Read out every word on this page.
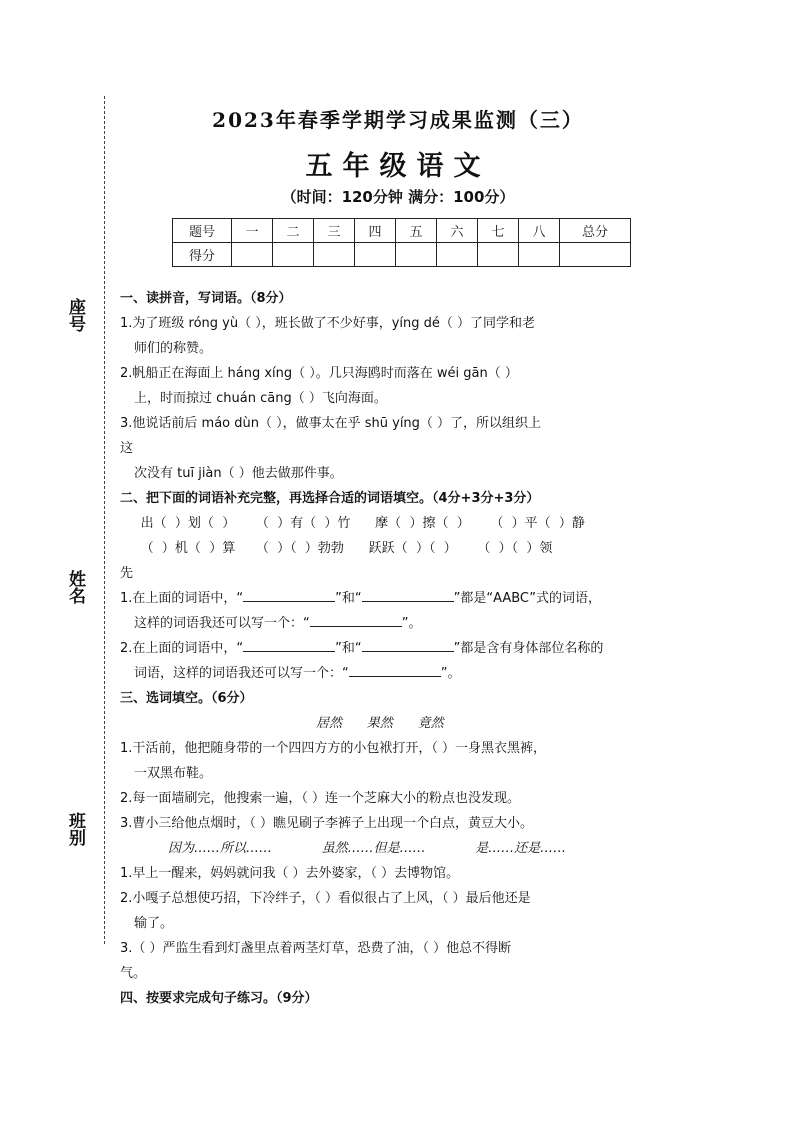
座号
姓名
班别
2023年春季学期学习成果监测（三）
五年级语文
（时间：120分钟 满分：100分）
题号	一	二	三	四	五	六	七	八	总分
得分									
一、读拼音，写词语。（8分）
1.为了班级 róng yù（ ），班长做了不少好事，yíng dé（ ）了同学和老
师们的称赞。
2.帆船正在海面上 háng xíng（ ）。几只海鸥时而落在 wéi gān（ ）
上，时而掠过 chuán cāng（ ）飞向海面。
3.他说话前后 máo dùn（ ），做事太在乎 shū yíng（ ）了，所以组织上
这
次没有 tuī jiàn（ ）他去做那件事。
二、把下面的词语补充完整，再选择合适的词语填空。（4分+3分+3分）
出（  ）划（  ）     （  ）有（  ）竹      摩（  ）擦（  ）     （  ）平（  ）静
（  ）机（  ）算     （  ）（  ）勃勃      跃跃（  ）（  ）     （  ）（  ）领
先
1.在上面的词语中，“	”和“	”都是“AABC”式的词语，
这样的词语我还可以写一个：“	”。
2.在上面的词语中，“	”和“	”都是含有身体部位名称的
词语，这样的词语我还可以写一个：“	”。
三、选词填空。（6分）
居然      果然      竟然
1.干活前，他把随身带的一个四四方方的小包袱打开，（ ）一身黑衣黑裤，
一双黑布鞋。
2.每一面墙刷完，他搜索一遍，（ ）连一个芝麻大小的粉点也没发现。
3.曹小三给他点烟时，（ ）瞧见刷子李裤子上出现一个白点，黄豆大小。
因为……所以……            虽然……但是……            是……还是……
1.早上一醒来，妈妈就问我（ ）去外婆家，（ ）去博物馆。
2.小嘎子总想使巧招，下冷绊子，（ ）看似很占了上风，（ ）最后他还是
输了。
3.（ ）严监生看到灯盏里点着两茎灯草，恐费了油，（ ）他总不得断
气。
四、按要求完成句子练习。（9分）
